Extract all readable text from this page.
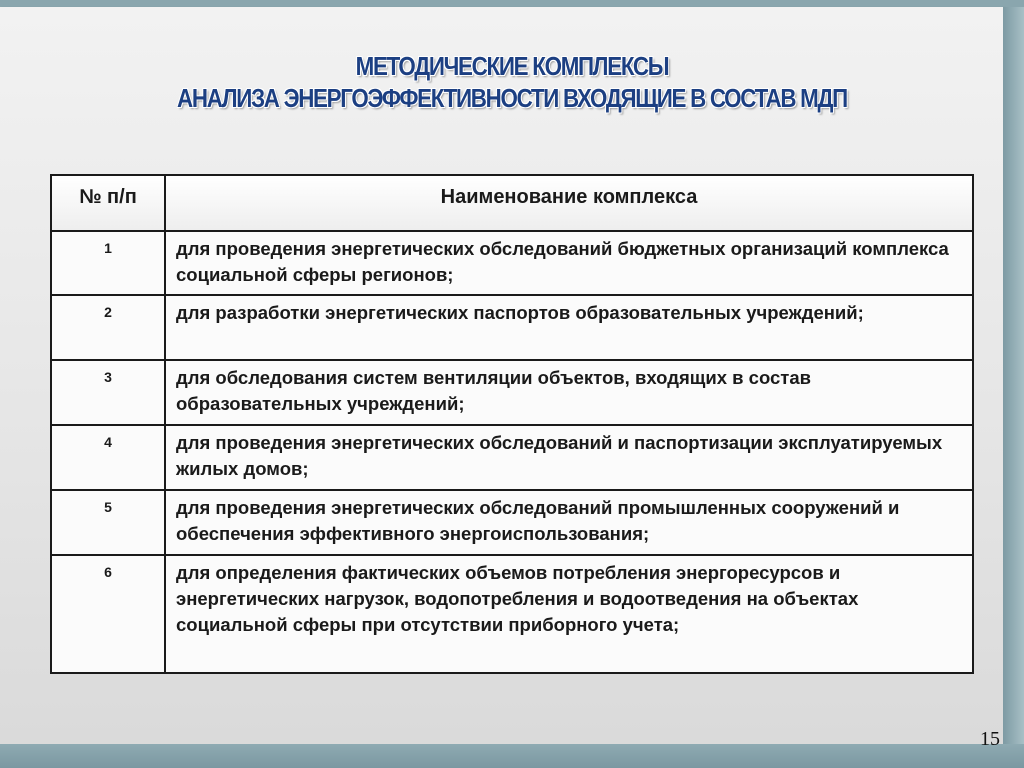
МЕТОДИЧЕСКИЕ КОМПЛЕКСЫ
АНАЛИЗА ЭНЕРГОЭФФЕКТИВНОСТИ ВХОДЯЩИЕ В СОСТАВ МДП
№ п/п	Наименование комплекса
1	для проведения энергетических обследований бюджетных организаций комплекса социальной сферы регионов;
2	для разработки энергетических паспортов образовательных учреждений;
3	для обследования систем вентиляции объектов, входящих в состав образовательных учреждений;
4	для проведения энергетических обследований и паспортизации эксплуатируемых жилых домов;
5	для проведения энергетических обследований промышленных сооружений и обеспечения эффективного энергоиспользования;
6	для определения фактических объемов потребления энергоресурсов и энергетических нагрузок, водопотребления и водоотведения на объектах социальной сферы при отсутствии приборного учета;
15
